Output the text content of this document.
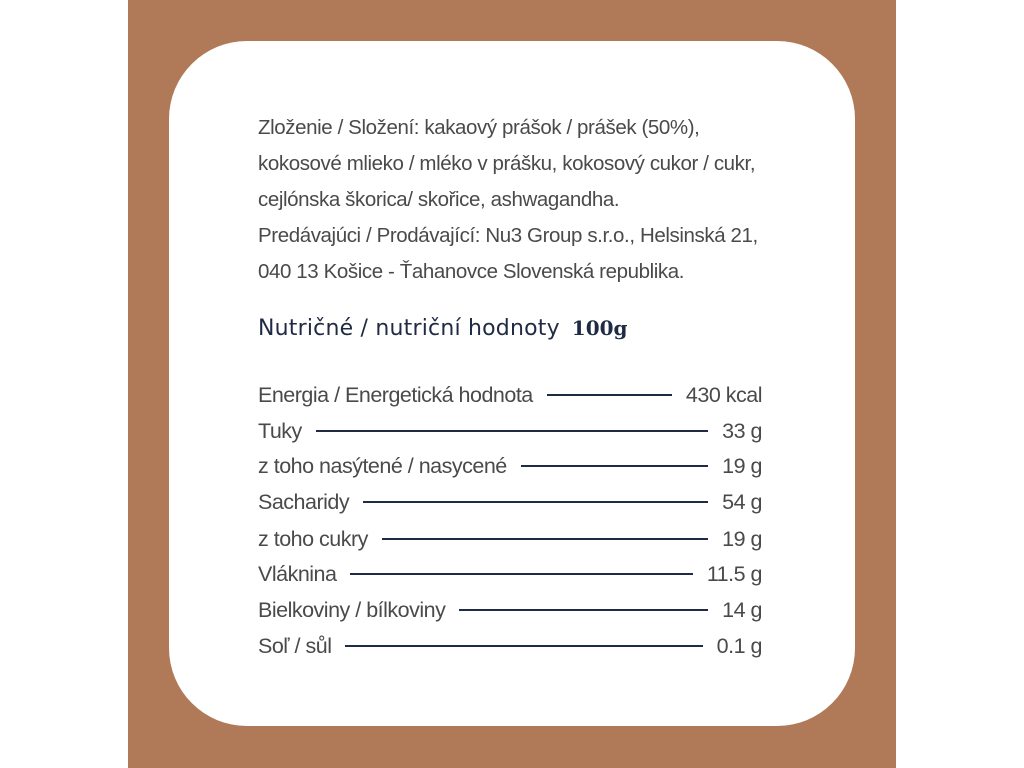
Zloženie / Složení: kakaový prášok / prášek (50%),
kokosové mlieko / mléko v prášku, kokosový cukor / cukr,
cejlónska škorica/ skořice, ashwagandha.
Predávajúci / Prodávající: Nu3 Group s.r.o., Helsinská 21,
040 13 Košice - Ťahanovce Slovenská republika.
Nutričné / nutriční hodnoty 100g
Energia / Energetická hodnota	430 kcal
Tuky	33 g
z toho nasýtené / nasycené	19 g
Sacharidy	54 g
z toho cukry	19 g
Vláknina	11.5 g
Bielkoviny / bílkoviny	14 g
Soľ / sůl	0.1 g
